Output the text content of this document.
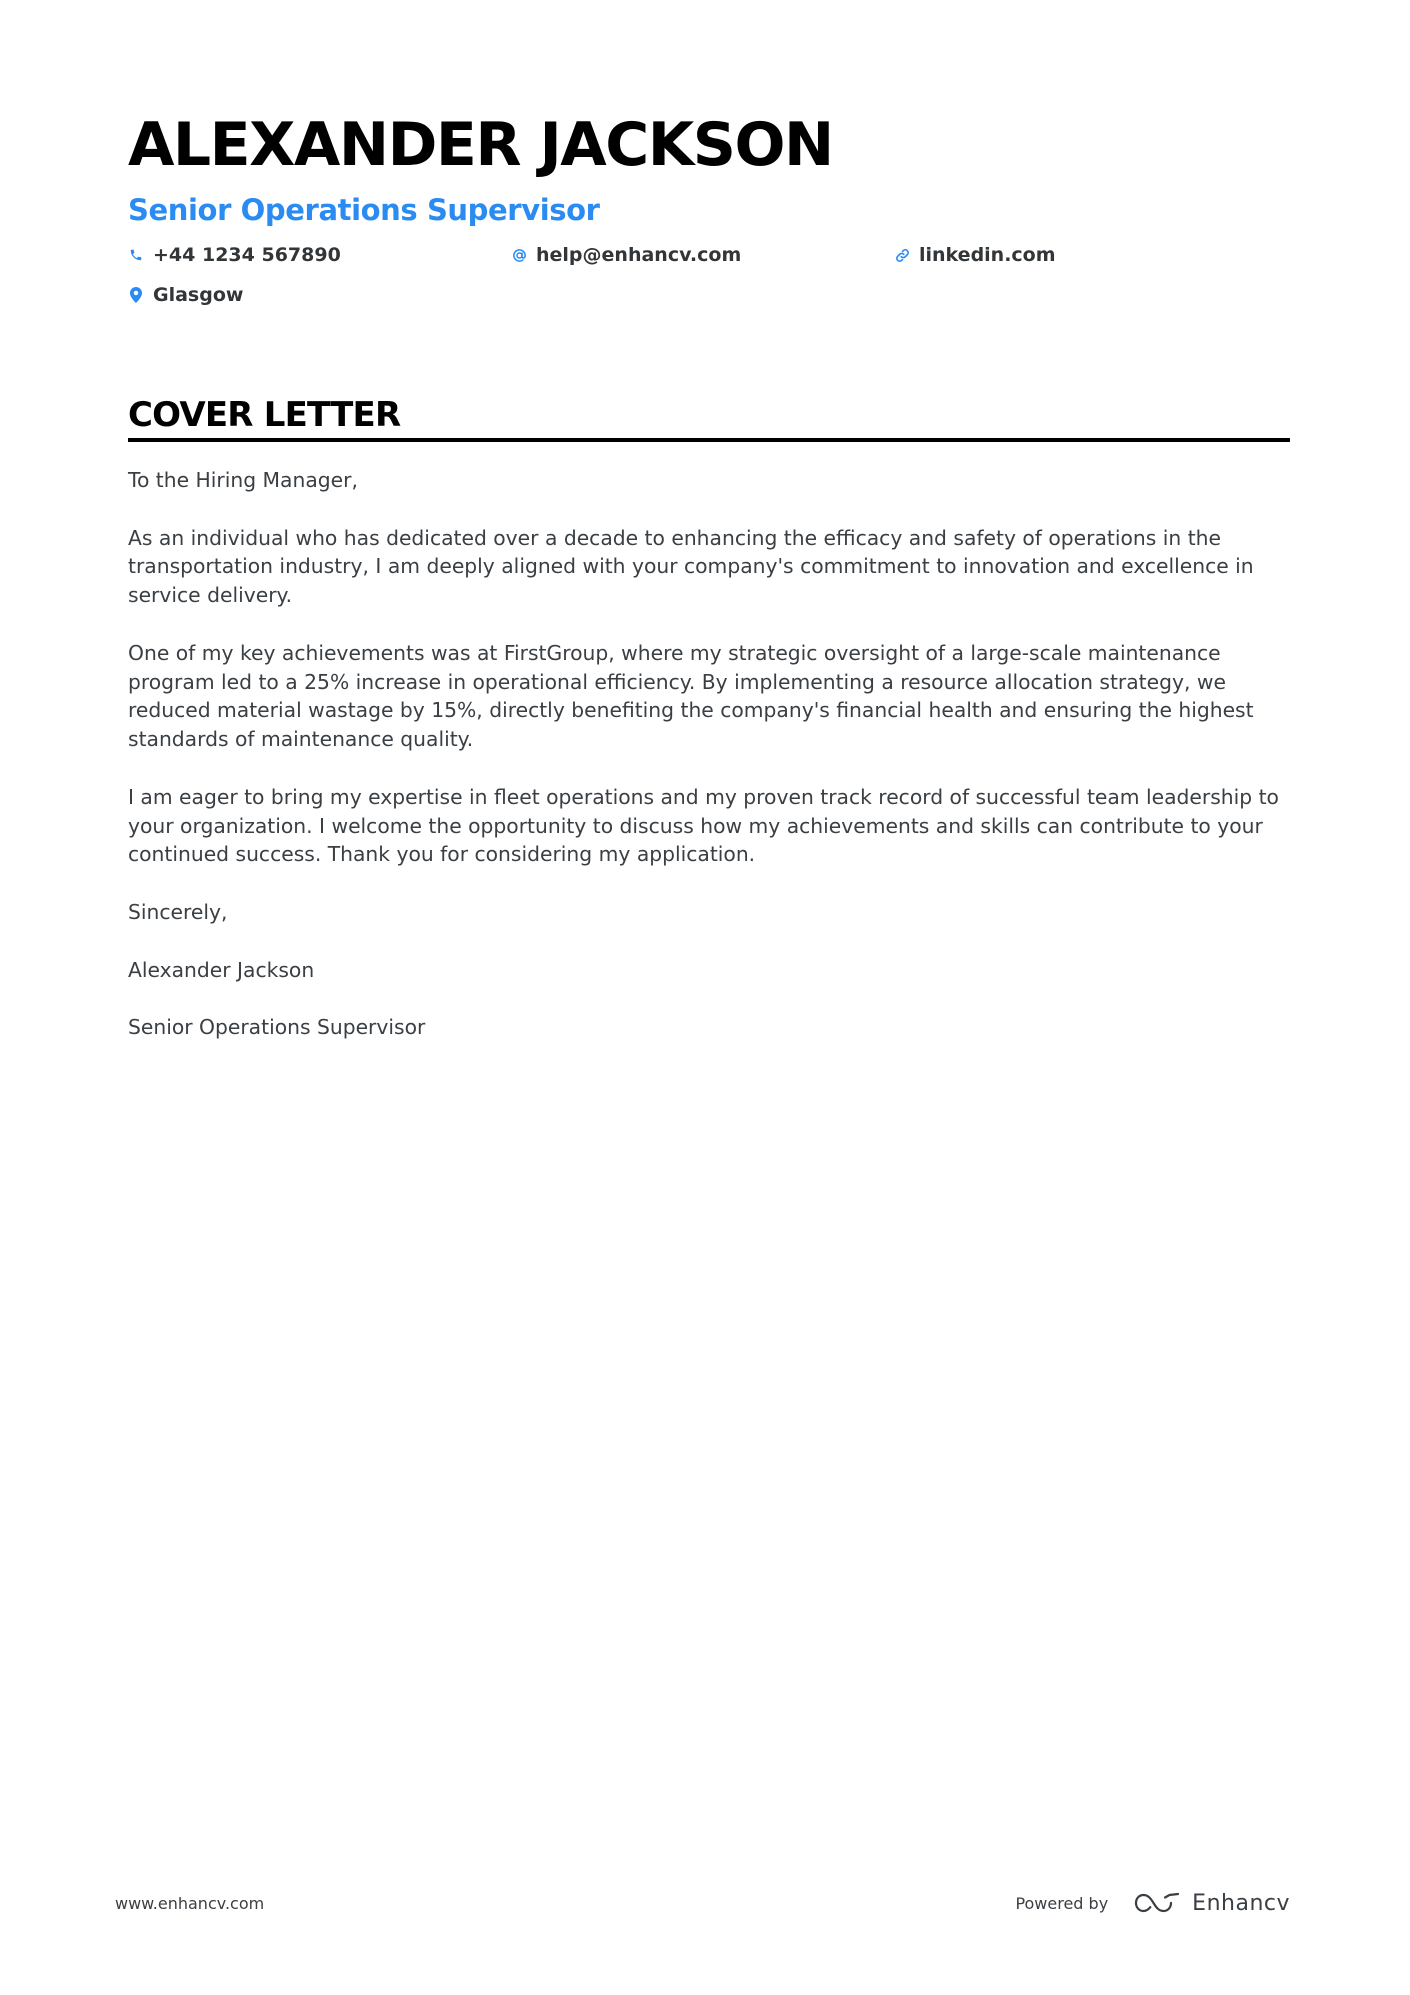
ALEXANDER JACKSON
Senior Operations Supervisor
+44 1234 567890	help@enhancv.com	linkedin.com
Glasgow
COVER LETTER

To the Hiring Manager,

As an individual who has dedicated over a decade to enhancing the efficacy and safety of operations in the transportation industry, I am deeply aligned with your company's commitment to innovation and excellence in service delivery.

One of my key achievements was at FirstGroup, where my strategic oversight of a large-scale maintenance program led to a 25% increase in operational efficiency. By implementing a resource allocation strategy, we reduced material wastage by 15%, directly benefiting the company's financial health and ensuring the highest standards of maintenance quality.

I am eager to bring my expertise in fleet operations and my proven track record of successful team leadership to your organization. I welcome the opportunity to discuss how my achievements and skills can contribute to your continued success. Thank you for considering my application.

Sincerely,

Alexander Jackson

Senior Operations Supervisor

www.enhancv.com	Powered by	Enhancv
